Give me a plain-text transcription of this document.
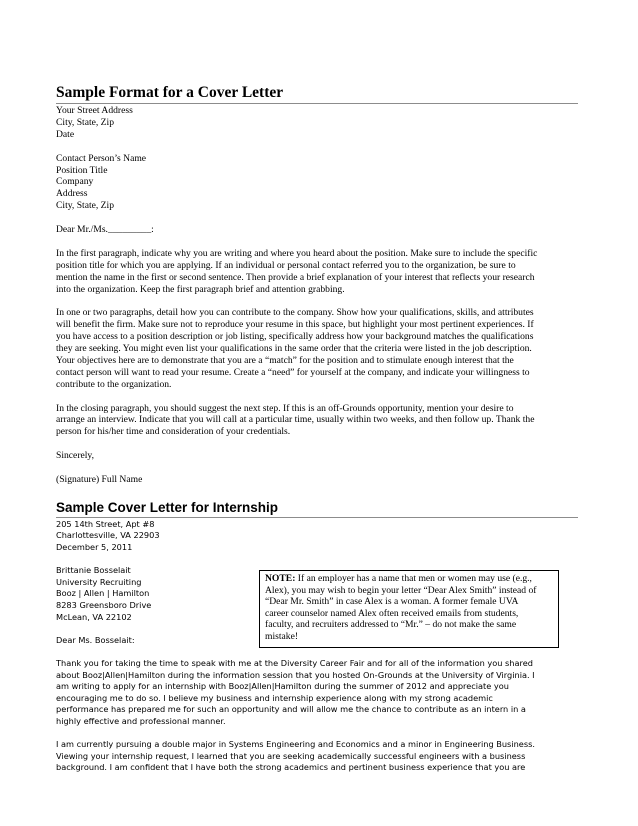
Sample Format for a Cover Letter
Your Street Address
City, State, Zip
Date
Contact Person’s Name
Position Title
Company
Address
City, State, Zip
Dear Mr./Ms._________:
In the first paragraph, indicate why you are writing and where you heard about the position. Make sure to include the specific
position title for which you are applying. If an individual or personal contact referred you to the organization, be sure to
mention the name in the first or second sentence. Then provide a brief explanation of your interest that reflects your research
into the organization. Keep the first paragraph brief and attention grabbing.
In one or two paragraphs, detail how you can contribute to the company. Show how your qualifications, skills, and attributes
will benefit the firm. Make sure not to reproduce your resume in this space, but highlight your most pertinent experiences. If
you have access to a position description or job listing, specifically address how your background matches the qualifications
they are seeking. You might even list your qualifications in the same order that the criteria were listed in the job description.
Your objectives here are to demonstrate that you are a “match” for the position and to stimulate enough interest that the
contact person will want to read your resume. Create a “need” for yourself at the company, and indicate your willingness to
contribute to the organization.
In the closing paragraph, you should suggest the next step. If this is an off-Grounds opportunity, mention your desire to
arrange an interview. Indicate that you will call at a particular time, usually within two weeks, and then follow up. Thank the
person for his/her time and consideration of your credentials.
Sincerely,
(Signature) Full Name
Sample Cover Letter for Internship
205 14th Street, Apt #8
Charlottesville, VA 22903
December 5, 2011
Brittanie Bosselait
University Recruiting
Booz | Allen | Hamilton
8283 Greensboro Drive
McLean, VA 22102
Dear Ms. Bosselait:
Thank you for taking the time to speak with me at the Diversity Career Fair and for all of the information you shared
about Booz|Allen|Hamilton during the information session that you hosted On-Grounds at the University of Virginia. I
am writing to apply for an internship with Booz|Allen|Hamilton during the summer of 2012 and appreciate you
encouraging me to do so. I believe my business and internship experience along with my strong academic
performance has prepared me for such an opportunity and will allow me the chance to contribute as an intern in a
highly effective and professional manner.
I am currently pursuing a double major in Systems Engineering and Economics and a minor in Engineering Business.
Viewing your internship request, I learned that you are seeking academically successful engineers with a business
background. I am confident that I have both the strong academics and pertinent business experience that you are
NOTE: If an employer has a name that men or women may use (e.g.,
Alex), you may wish to begin your letter “Dear Alex Smith” instead of
“Dear Mr. Smith” in case Alex is a woman. A former female UVA
career counselor named Alex often received emails from students,
faculty, and recruiters addressed to “Mr.” – do not make the same
mistake!
